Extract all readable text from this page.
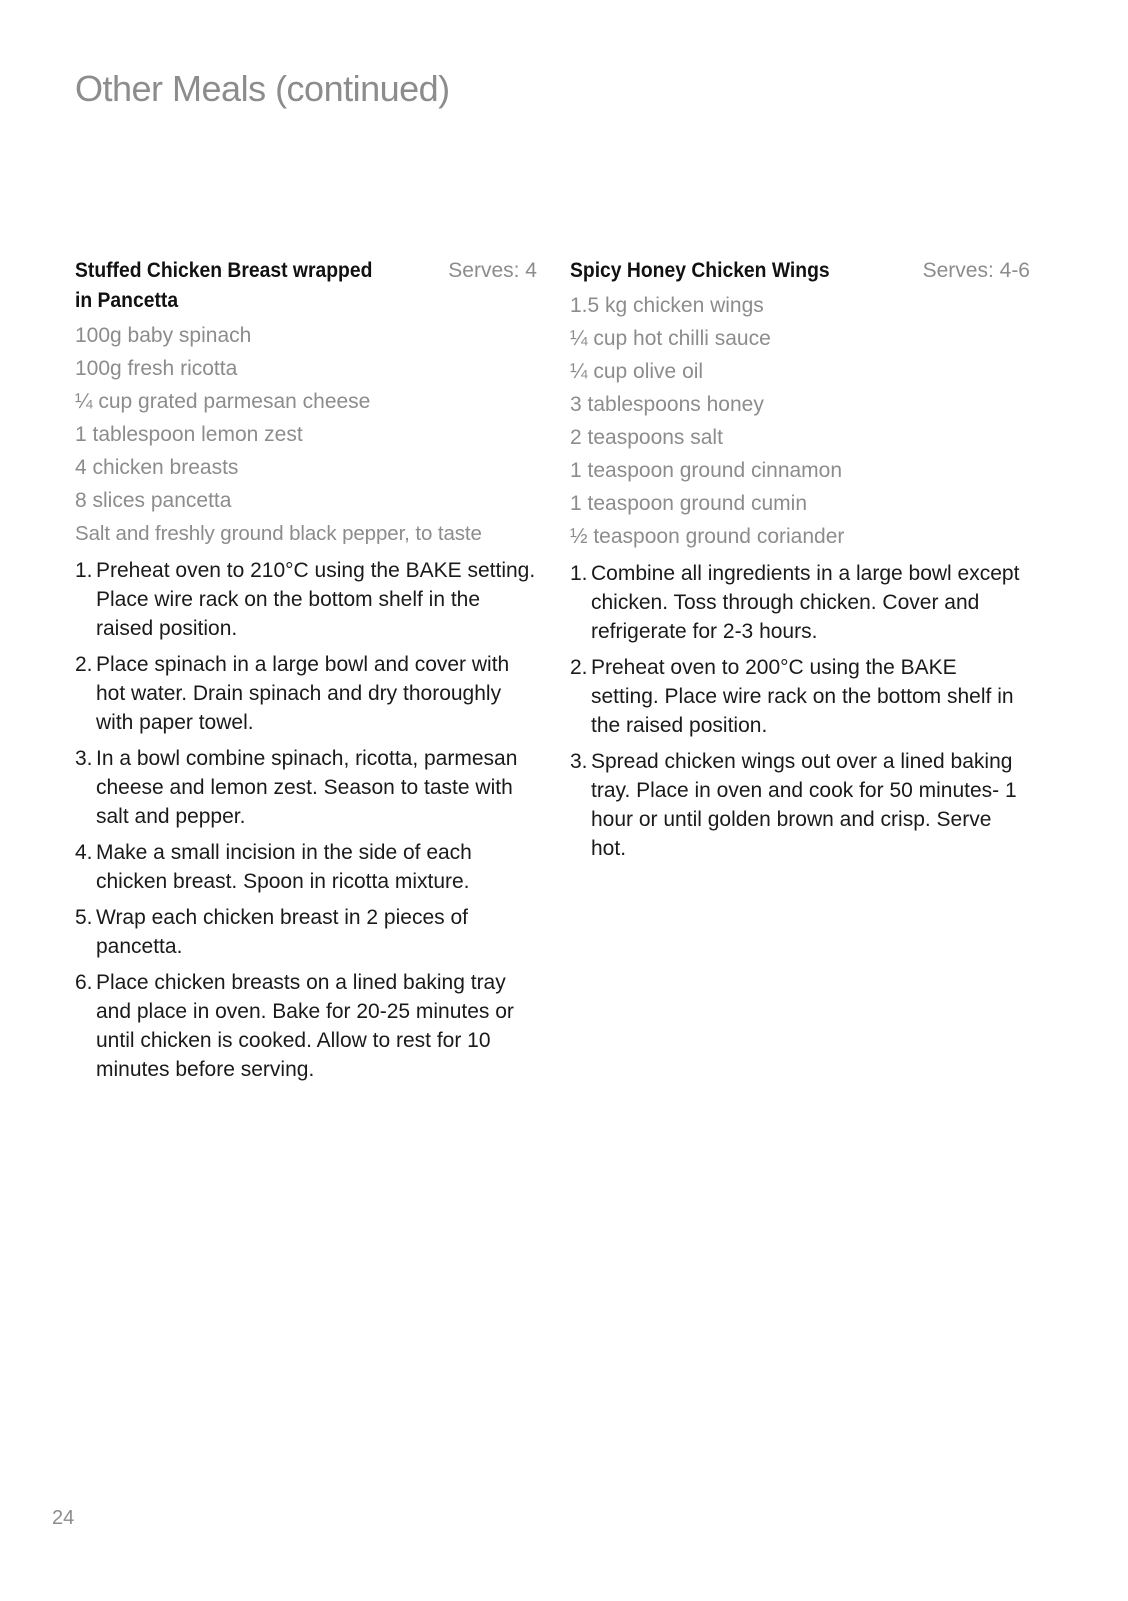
Other Meals (continued)
Stuffed Chicken Breast wrapped in Pancetta
Serves: 4
100g baby spinach
100g fresh ricotta
¼ cup grated parmesan cheese
1 tablespoon lemon zest
4 chicken breasts
8 slices pancetta
Salt and freshly ground black pepper, to taste
1. Preheat oven to 210°C using the BAKE setting. Place wire rack on the bottom shelf in the raised position.
2. Place spinach in a large bowl and cover with hot water. Drain spinach and dry thoroughly with paper towel.
3. In a bowl combine spinach, ricotta, parmesan cheese and lemon zest. Season to taste with salt and pepper.
4. Make a small incision in the side of each chicken breast. Spoon in ricotta mixture.
5. Wrap each chicken breast in 2 pieces of pancetta.
6. Place chicken breasts on a lined baking tray and place in oven. Bake for 20-25 minutes or until chicken is cooked. Allow to rest for 10 minutes before serving.
Spicy Honey Chicken Wings	Serves: 4-6
1.5 kg chicken wings
¼ cup hot chilli sauce
¼ cup olive oil
3 tablespoons honey
2 teaspoons salt
1 teaspoon ground cinnamon
1 teaspoon ground cumin
½ teaspoon ground coriander
1. Combine all ingredients in a large bowl except chicken. Toss through chicken. Cover and refrigerate for 2-3 hours.
2. Preheat oven to 200°C using the BAKE setting. Place wire rack on the bottom shelf in the raised position.
3. Spread chicken wings out over a lined baking tray. Place in oven and cook for 50 minutes- 1 hour or until golden brown and crisp. Serve hot.
24
